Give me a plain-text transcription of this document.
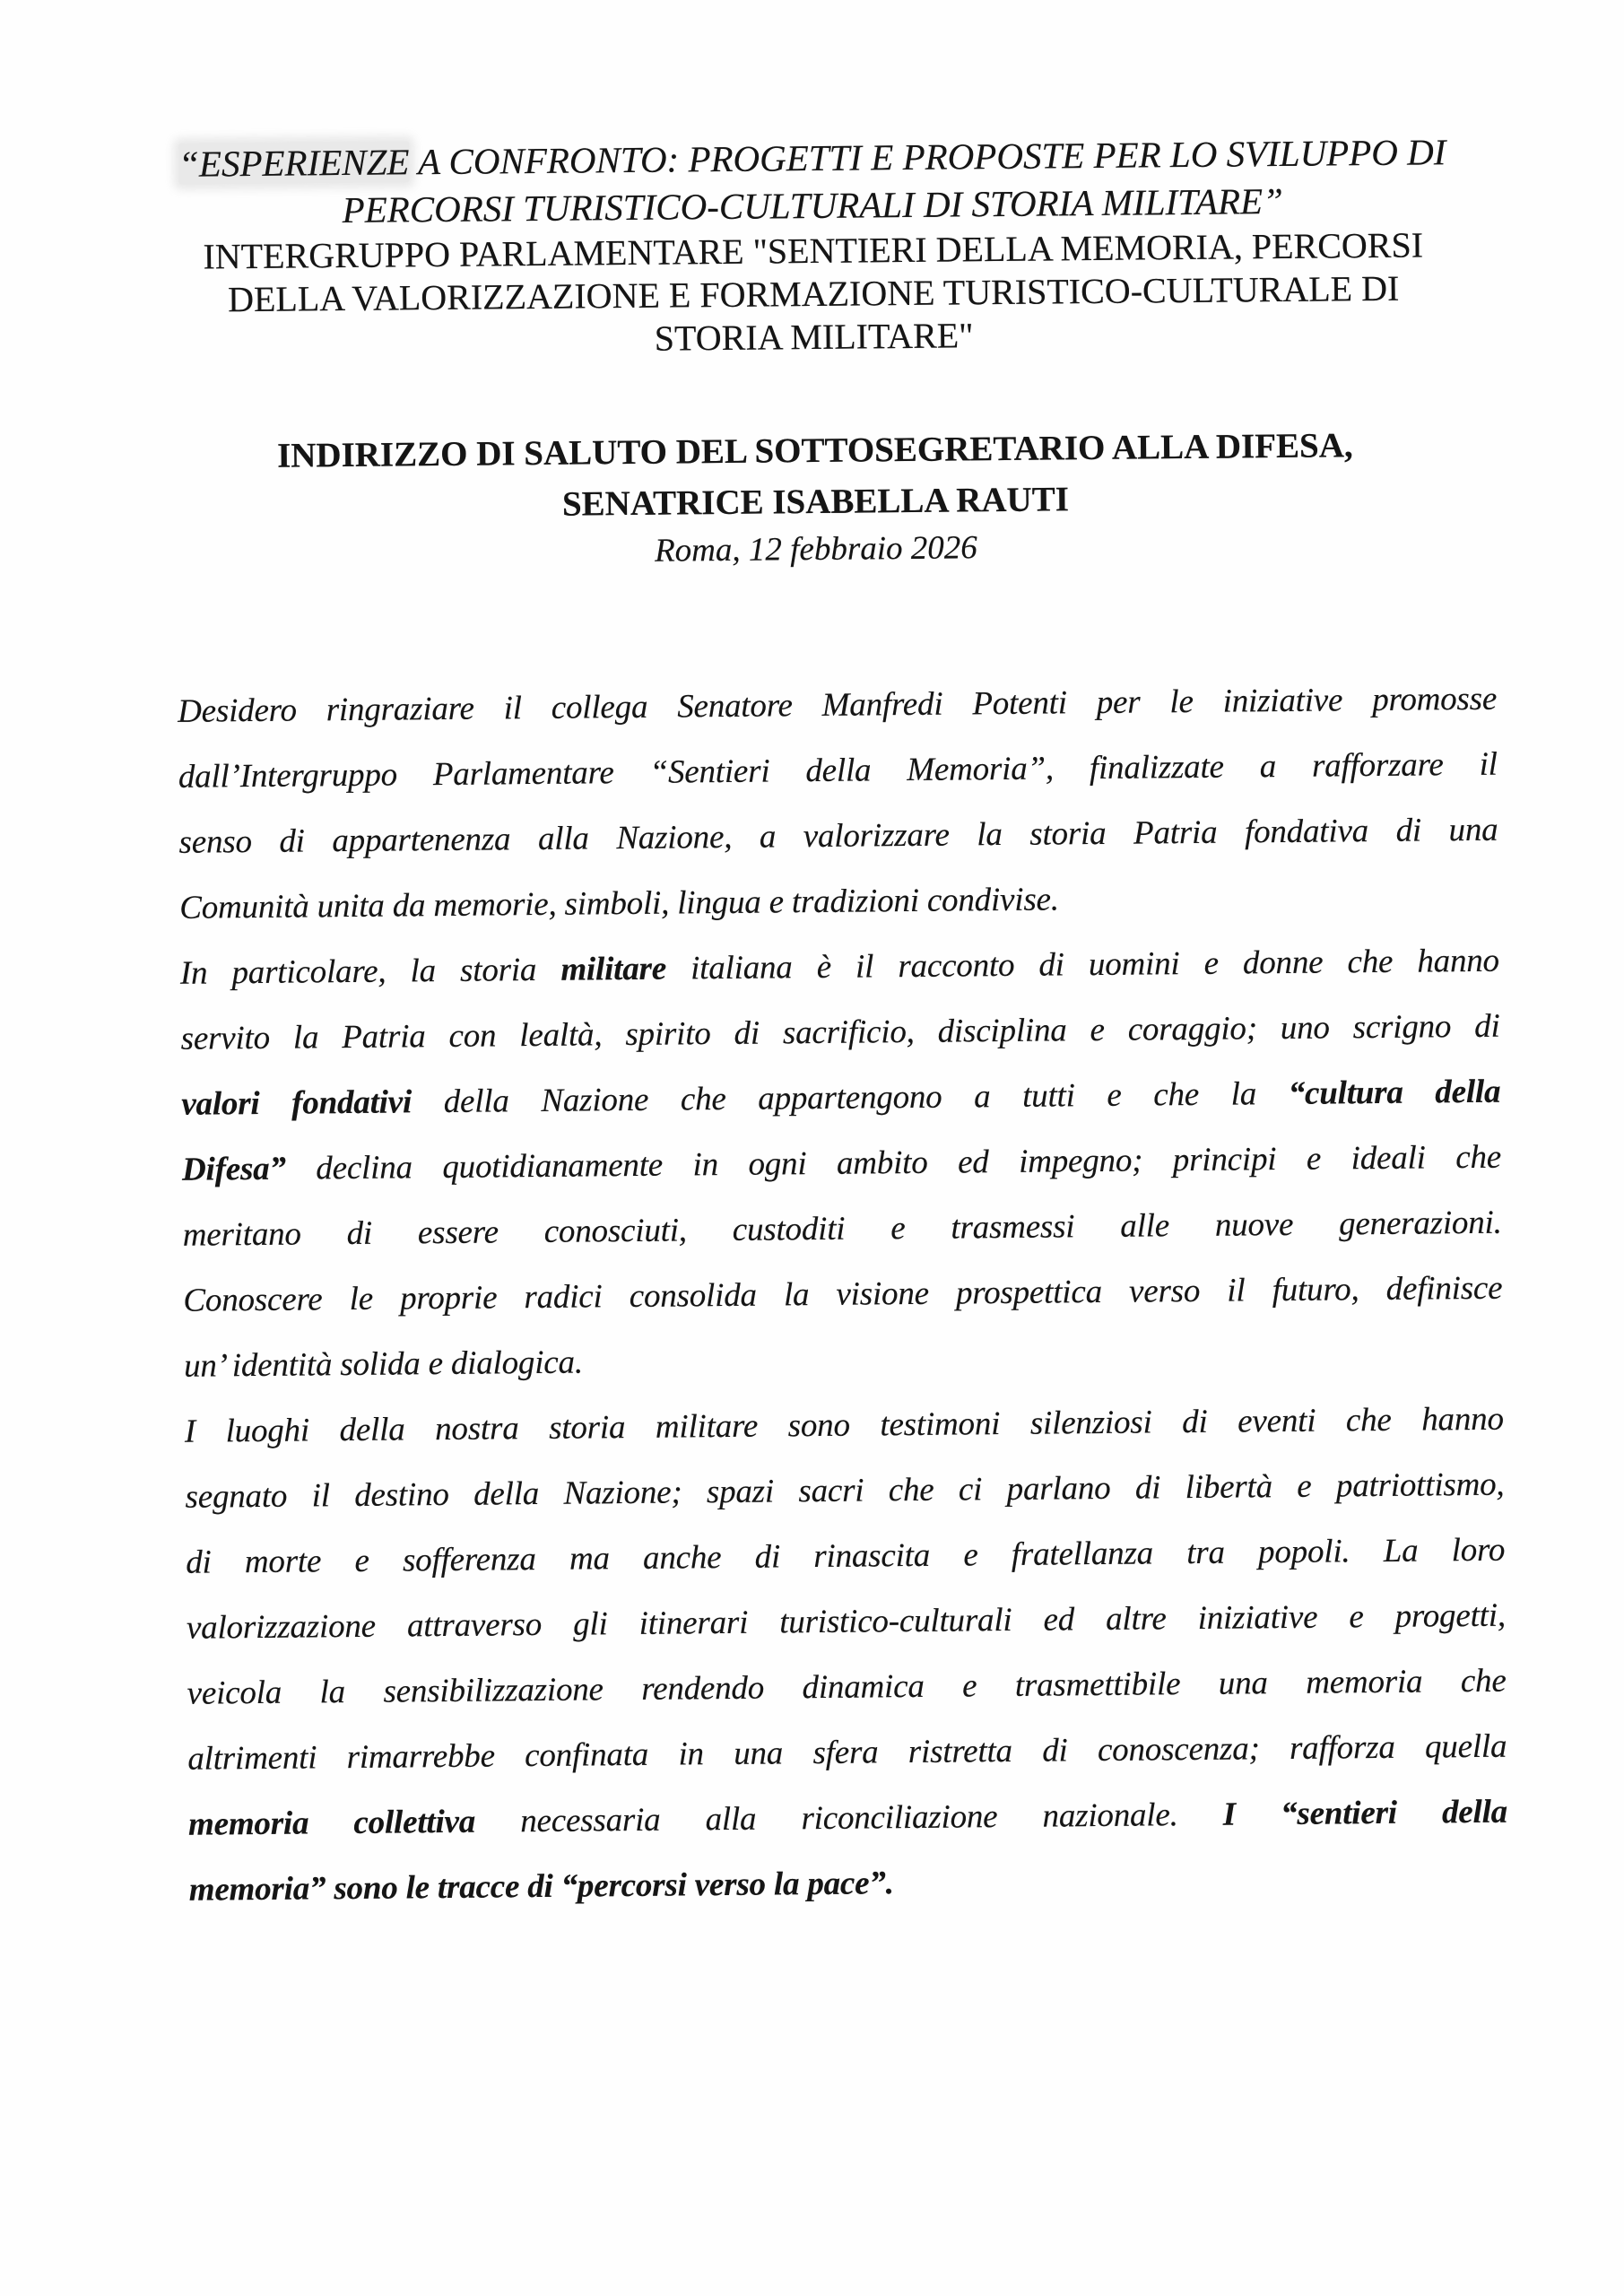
“ESPERIENZE A CONFRONTO: PROGETTI E PROPOSTE PER LO SVILUPPO DI
PERCORSI TURISTICO-CULTURALI DI STORIA MILITARE”
INTERGRUPPO PARLAMENTARE "SENTIERI DELLA MEMORIA, PERCORSI
DELLA VALORIZZAZIONE E FORMAZIONE TURISTICO-CULTURALE DI
STORIA MILITARE"
INDIRIZZO DI SALUTO DEL SOTTOSEGRETARIO ALLA DIFESA,
SENATRICE ISABELLA RAUTI
Roma, 12 febbraio 2026
Desidero ringraziare il collega Senatore Manfredi Potenti per le iniziative promosse
dall’Intergruppo Parlamentare “Sentieri della Memoria”, finalizzate a rafforzare il
senso di appartenenza alla Nazione, a valorizzare la storia Patria fondativa di una
Comunità unita da memorie, simboli, lingua e tradizioni condivise.
In particolare, la storia militare italiana è il racconto di uomini e donne che hanno
servito la Patria con lealtà, spirito di sacrificio, disciplina e coraggio; uno scrigno di
valori fondativi della Nazione che appartengono a tutti e che la “cultura della
Difesa” declina quotidianamente in ogni ambito ed impegno; principi e ideali che
meritano di essere conosciuti, custoditi e trasmessi alle nuove generazioni.
Conoscere le proprie radici consolida la visione prospettica verso il futuro, definisce
un’ identità solida e dialogica.
I luoghi della nostra storia militare sono testimoni silenziosi di eventi che hanno
segnato il destino della Nazione; spazi sacri che ci parlano di libertà e patriottismo,
di morte e sofferenza ma anche di rinascita e fratellanza tra popoli. La loro
valorizzazione attraverso gli itinerari turistico-culturali ed altre iniziative e progetti,
veicola la sensibilizzazione rendendo dinamica e trasmettibile una memoria che
altrimenti rimarrebbe confinata in una sfera ristretta di conoscenza; rafforza quella
memoria collettiva necessaria alla riconciliazione nazionale. I “sentieri della
memoria” sono le tracce di “percorsi verso la pace”.
